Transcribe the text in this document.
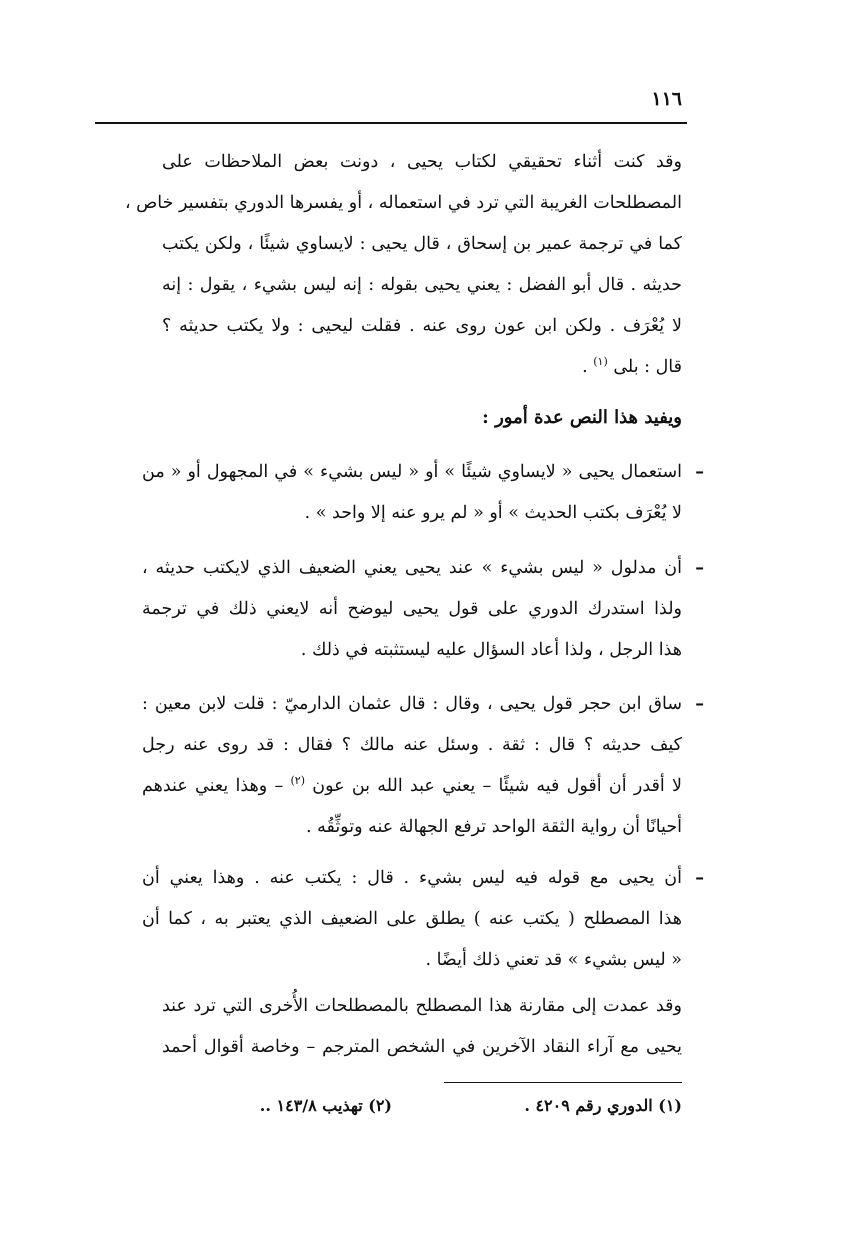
١١٦
وقد كنت أثناء تحقيقي لكتاب يحيى ، دونت بعض الملاحظات على
المصطلحات الغريبة التي ترد في استعماله ، أو يفسرها الدوري بتفسير خاص ،
كما في ترجمة عمير بن إسحاق ، قال يحيى : لايساوي شيئًا ، ولكن يكتب
حديثه . قال أبو الفضل : يعني يحيى بقوله : إنه ليس بشيء ، يقول : إنه
لا يُعْرَف . ولكن ابن عون روى عنه . فقلت ليحيى : ولا يكتب حديثه ؟
قال : بلى $^{(١)}$ .
ويفيد هذا النص عدة أمور :
–
استعمال يحيى « لايساوي شيئًا » أو « ليس بشيء » في المجهول أو « من
لا يُعْرَف بكتب الحديث » أو « لم يرو عنه إلا واحد » .
–
أن مدلول « ليس بشيء » عند يحيى يعني الضعيف الذي لايكتب حديثه ،
ولذا استدرك الدوري على قول يحيى ليوضح أنه لايعني ذلك في ترجمة
هذا الرجل ، ولذا أعاد السؤال عليه ليستثبته في ذلك .
–
ساق ابن حجر قول يحيى ، وقال : قال عثمان الدارميّ : قلت لابن معين :
كيف حديثه ؟ قال : ثقة . وسئل عنه مالك ؟ فقال : قد روى عنه رجل
لا أقدر أن أقول فيه شيئًا – يعني عبد الله بن عون $^{(٢)}$ – وهذا يعني عندهم
أحيانًا أن رواية الثقة الواحد ترفع الجهالة عنه وتوثِّقُه .
–
أن يحيى مع قوله فيه ليس بشيء . قال : يكتب عنه . وهذا يعني أن
هذا المصطلح ( يكتب عنه ) يطلق على الضعيف الذي يعتبر به ، كما أن
« ليس بشيء » قد تعني ذلك أيضًا .
وقد عمدت إلى مقارنة هذا المصطلح بالمصطلحات الأُخرى التي ترد عند
يحيى مع آراء النقاد الآخرين في الشخص المترجم – وخاصة أقوال أحمد
(١) الدوري رقم ٤٢٠٩ .
(٢) تهذيب ١٤٣/٨ ..
